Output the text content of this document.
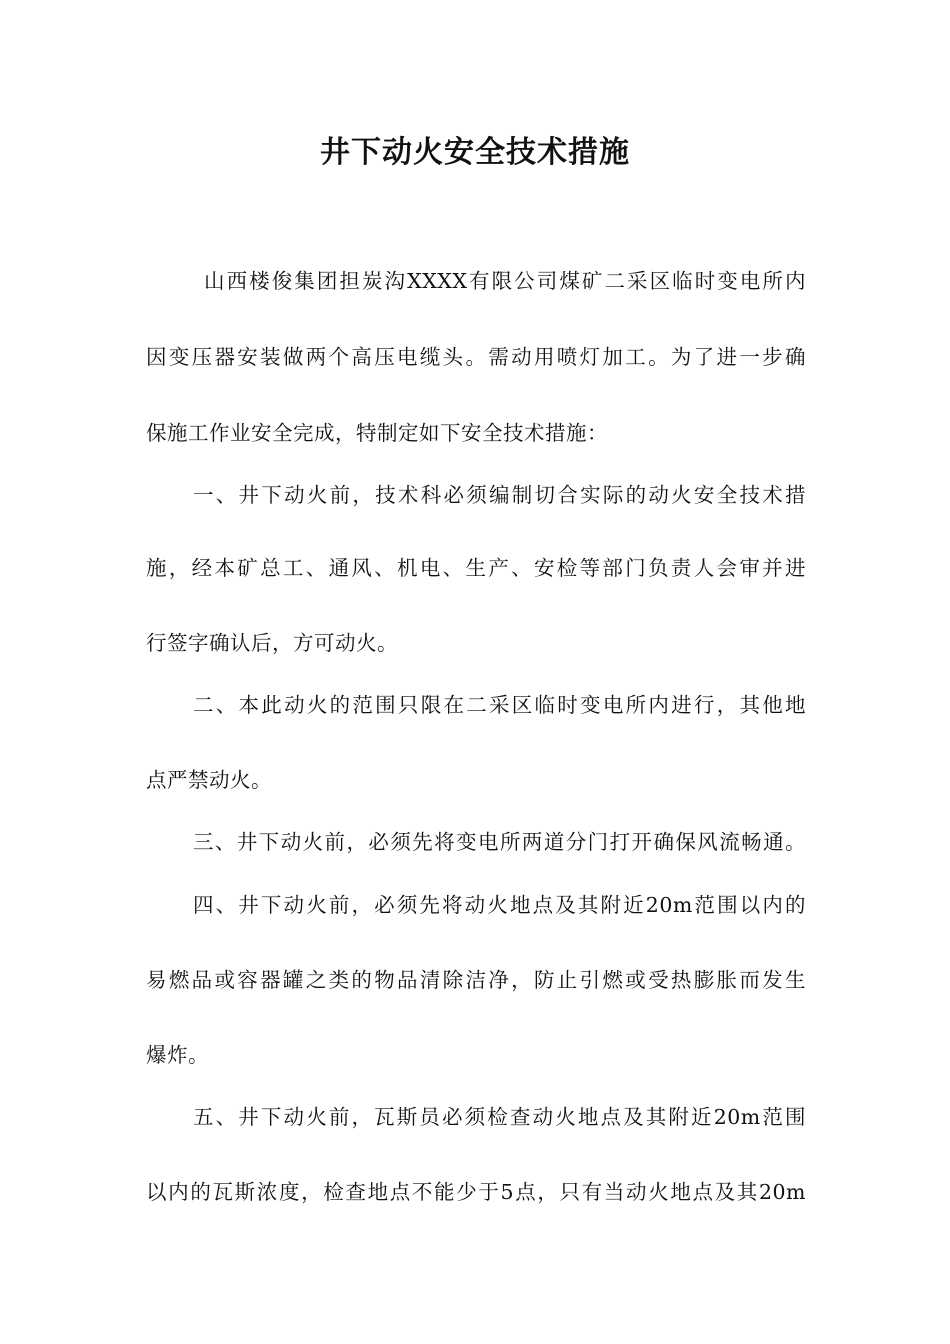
井下动火安全技术措施
山西楼俊集团担炭沟XXXX有限公司煤矿二采区临时变电所内
因变压器安装做两个高压电缆头。需动用喷灯加工。为了进一步确
保施工作业安全完成，特制定如下安全技术措施：
一、井下动火前，技术科必须编制切合实际的动火安全技术措
施，经本矿总工、通风、机电、生产、安检等部门负责人会审并进
行签字确认后，方可动火。
二、本此动火的范围只限在二采区临时变电所内进行，其他地
点严禁动火。
三、井下动火前，必须先将变电所两道分门打开确保风流畅通。
四、井下动火前，必须先将动火地点及其附近20m范围以内的
易燃品或容器罐之类的物品清除洁净，防止引燃或受热膨胀而发生
爆炸。
五、井下动火前，瓦斯员必须检查动火地点及其附近20m范围
以内的瓦斯浓度，检查地点不能少于5点，只有当动火地点及其20m
